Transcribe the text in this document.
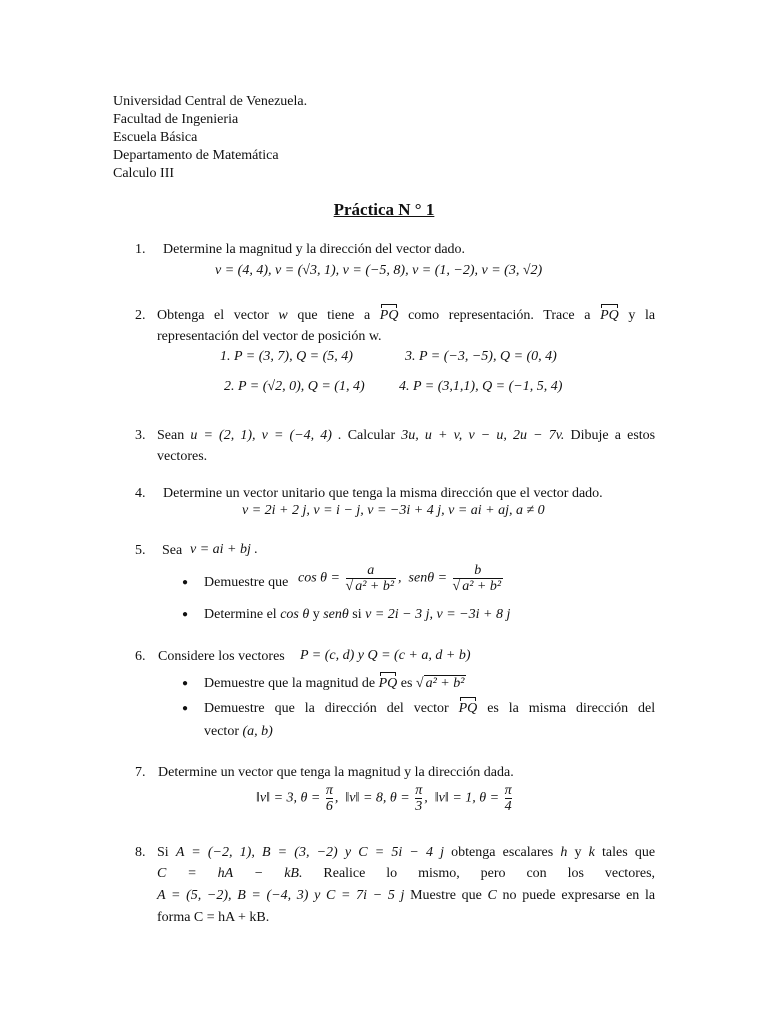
Universidad Central de Venezuela.
Facultad de Ingenieria
Escuela Básica
Departamento de Matemática
Calculo III
Práctica N ° 1
1. Determine la magnitud y la dirección del vector dado.
v = (4, 4), v = (√3, 1), v = (−5, 8), v = (1, −2), v = (3, √2)
2. Obtenga el vector w que tiene a PQ como representación. Trace a PQ y la
representación del vector de posición w.
1. P = (3, 7), Q = (5, 4)	3. P = (−3, −5), Q = (0, 4)
2. P = (√2, 0), Q = (1, 4) 4. P = (3,1,1), Q = (−1, 5, 4)
3. Sean u = (2, 1), v = (−4, 4) . Calcular 3u, u + v, v − u, 2u − 7v. Dibuje a estos
vectores.
4. Determine un vector unitario que tenga la misma dirección que el vector dado.
v = 2i + 2 j, v = i − j, v = −3i + 4 j, v = ai + aj, a ≠ 0
5. Sea v = ai + bj .
● Demuestre que $\cos \theta = \frac{a}{\text{√ a² + b²}}$ ,  $sen\theta = \frac{b}{\text{√ a² + b²}}$
● Determine el cos θ y senθ si v = 2i − 3 j, v = −3i + 8 j
6. Considere los vectores P = (c, d) y Q = (c + a, d + b)
● Demuestre que la magnitud de PQ es √ a² + b²
● Demuestre que la dirección del vector PQ es la misma dirección del
vector (a, b)
7. Determine un vector que tenga la magnitud y la dirección dada.
‖v‖ = 3, $\theta = \frac{\pi}{6}$ ,  ‖v‖ = 8, $\theta = \frac{\pi}{3}$ ,  ‖v‖ = 1, $\theta = \frac{\pi}{4}$
8. Si A = (−2, 1), B = (3, −2) y C = 5i − 4 j obtenga escalares h y k tales que
C = hA − kB. Realice lo mismo, pero con los vectores,
A = (5, −2), B = (−4, 3) y C = 7i − 5 j Muestre que C no puede expresarse en la
forma C = hA + kB.
